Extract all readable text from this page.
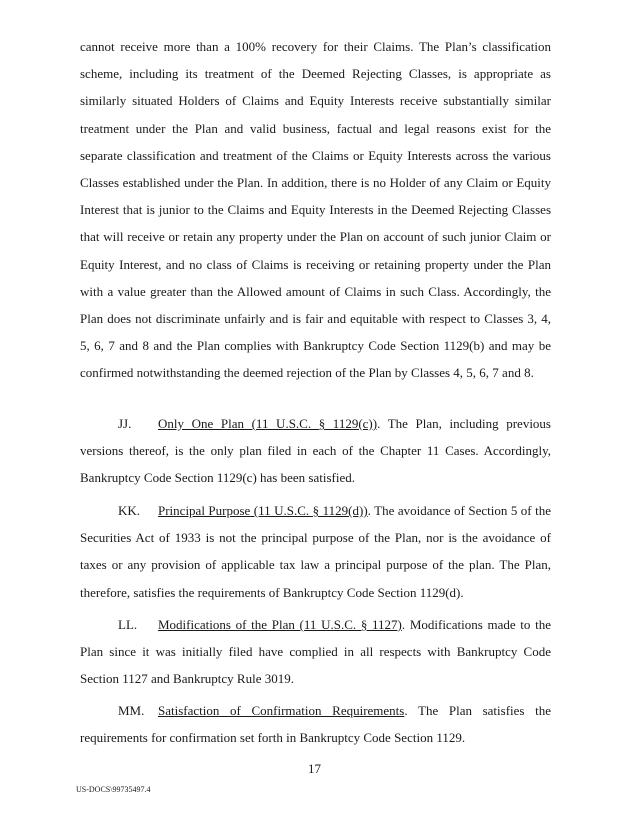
cannot receive more than a 100% recovery for their Claims. The Plan’s classification scheme, including its treatment of the Deemed Rejecting Classes, is appropriate as similarly situated Holders of Claims and Equity Interests receive substantially similar treatment under the Plan and valid business, factual and legal reasons exist for the separate classification and treatment of the Claims or Equity Interests across the various Classes established under the Plan. In addition, there is no Holder of any Claim or Equity Interest that is junior to the Claims and Equity Interests in the Deemed Rejecting Classes that will receive or retain any property under the Plan on account of such junior Claim or Equity Interest, and no class of Claims is receiving or retaining property under the Plan with a value greater than the Allowed amount of Claims in such Class. Accordingly, the Plan does not discriminate unfairly and is fair and equitable with respect to Classes 3, 4, 5, 6, 7 and 8 and the Plan complies with Bankruptcy Code Section 1129(b) and may be confirmed notwithstanding the deemed rejection of the Plan by Classes 4, 5, 6, 7 and 8.

JJ. Only One Plan (11 U.S.C. § 1129(c)). The Plan, including previous versions thereof, is the only plan filed in each of the Chapter 11 Cases. Accordingly, Bankruptcy Code Section 1129(c) has been satisfied.

KK. Principal Purpose (11 U.S.C. § 1129(d)). The avoidance of Section 5 of the Securities Act of 1933 is not the principal purpose of the Plan, nor is the avoidance of taxes or any provision of applicable tax law a principal purpose of the plan. The Plan, therefore, satisfies the requirements of Bankruptcy Code Section 1129(d).

LL. Modifications of the Plan (11 U.S.C. § 1127). Modifications made to the Plan since it was initially filed have complied in all respects with Bankruptcy Code Section 1127 and Bankruptcy Rule 3019.

MM. Satisfaction of Confirmation Requirements. The Plan satisfies the requirements for confirmation set forth in Bankruptcy Code Section 1129.

17
US-DOCS\99735497.4
